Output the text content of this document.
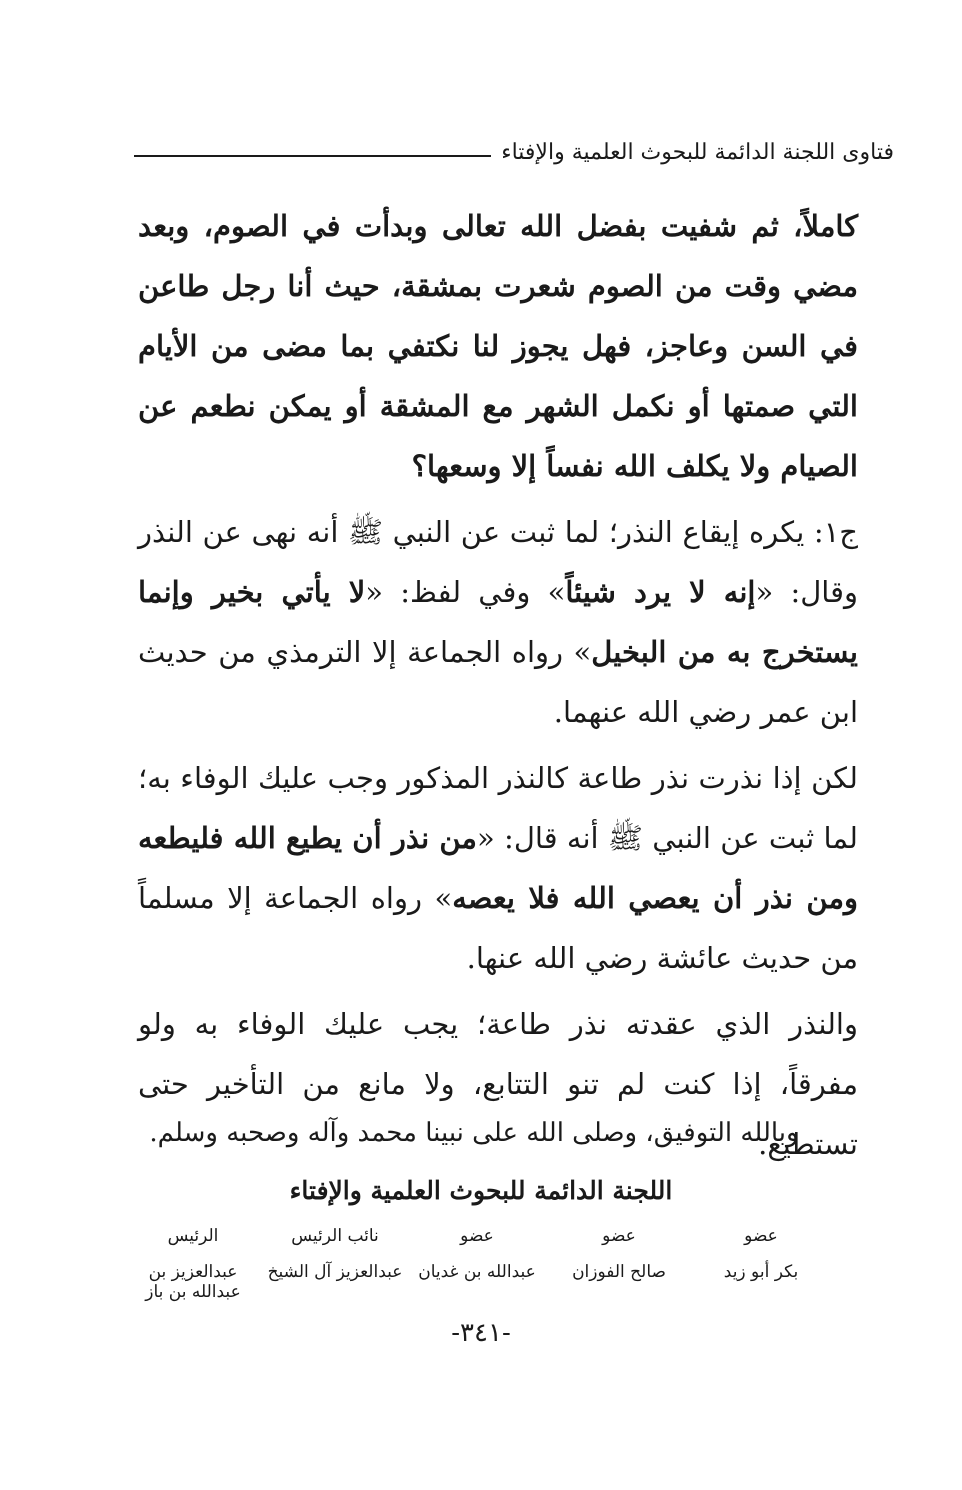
فتاوى اللجنة الدائمة للبحوث العلمية والإفتاء

كاملاً، ثم شفيت بفضل الله تعالى وبدأت في الصوم، وبعد مضي وقت من الصوم شعرت بمشقة، حيث أنا رجل طاعن في السن وعاجز، فهل يجوز لنا نكتفي بما مضى من الأيام التي صمتها أو نكمل الشهر مع المشقة أو يمكن نطعم عن الصيام ولا يكلف الله نفساً إلا وسعها؟

ج١: يكره إيقاع النذر؛ لما ثبت عن النبي ﷺ أنه نهى عن النذر وقال: «إنه لا يرد شيئاً» وفي لفظ: «لا يأتي بخير وإنما يستخرج به من البخيل» رواه الجماعة إلا الترمذي من حديث ابن عمر رضي الله عنهما.

لكن إذا نذرت نذر طاعة كالنذر المذكور وجب عليك الوفاء به؛ لما ثبت عن النبي ﷺ أنه قال: «من نذر أن يطيع الله فليطعه ومن نذر أن يعصي الله فلا يعصه» رواه الجماعة إلا مسلماً من حديث عائشة رضي الله عنها.

والنذر الذي عقدته نذر طاعة؛ يجب عليك الوفاء به ولو مفرقاً، إذا كنت لم تنو التتابع، ولا مانع من التأخير حتى تستطيع.

وبالله التوفيق، وصلى الله على نبينا محمد وآله وصحبه وسلم.
اللجنة الدائمة للبحوث العلمية والإفتاء
عضو
عضو
عضو
نائب الرئيس
الرئيس
بكر أبو زيد
صالح الفوزان
عبدالله بن غديان
عبدالعزيز آل الشيخ
عبدالعزيز بن عبدالله بن باز
-٣٤١-
